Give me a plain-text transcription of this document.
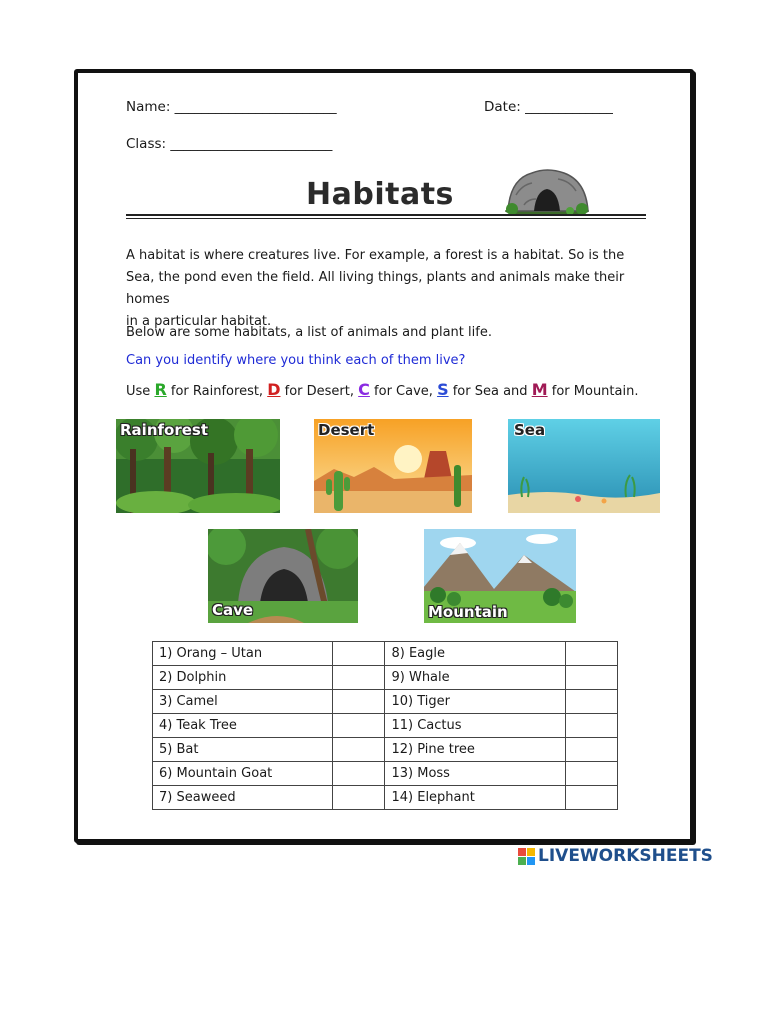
Name: ________________________	Date: _____________
Class: ________________________
Habitats
A habitat is where creatures live. For example, a forest is a habitat. So is the
Sea, the pond even the field. All living things, plants and animals make their homes
in a particular habitat.
Below are some habitats, a list of animals and plant life.
Can you identify where you think each of them live?
Use R for Rainforest, D for Desert, C for Cave, S for Sea and M for Mountain.
Rainforest	Desert	Sea
Cave	Mountain
1) Orang – Utan		8) Eagle	
2) Dolphin		9) Whale	
3) Camel		10) Tiger	
4) Teak Tree		11) Cactus	
5) Bat		12) Pine tree	
6) Mountain Goat		13) Moss	
7) Seaweed		14) Elephant	
LIVEWORKSHEETS
